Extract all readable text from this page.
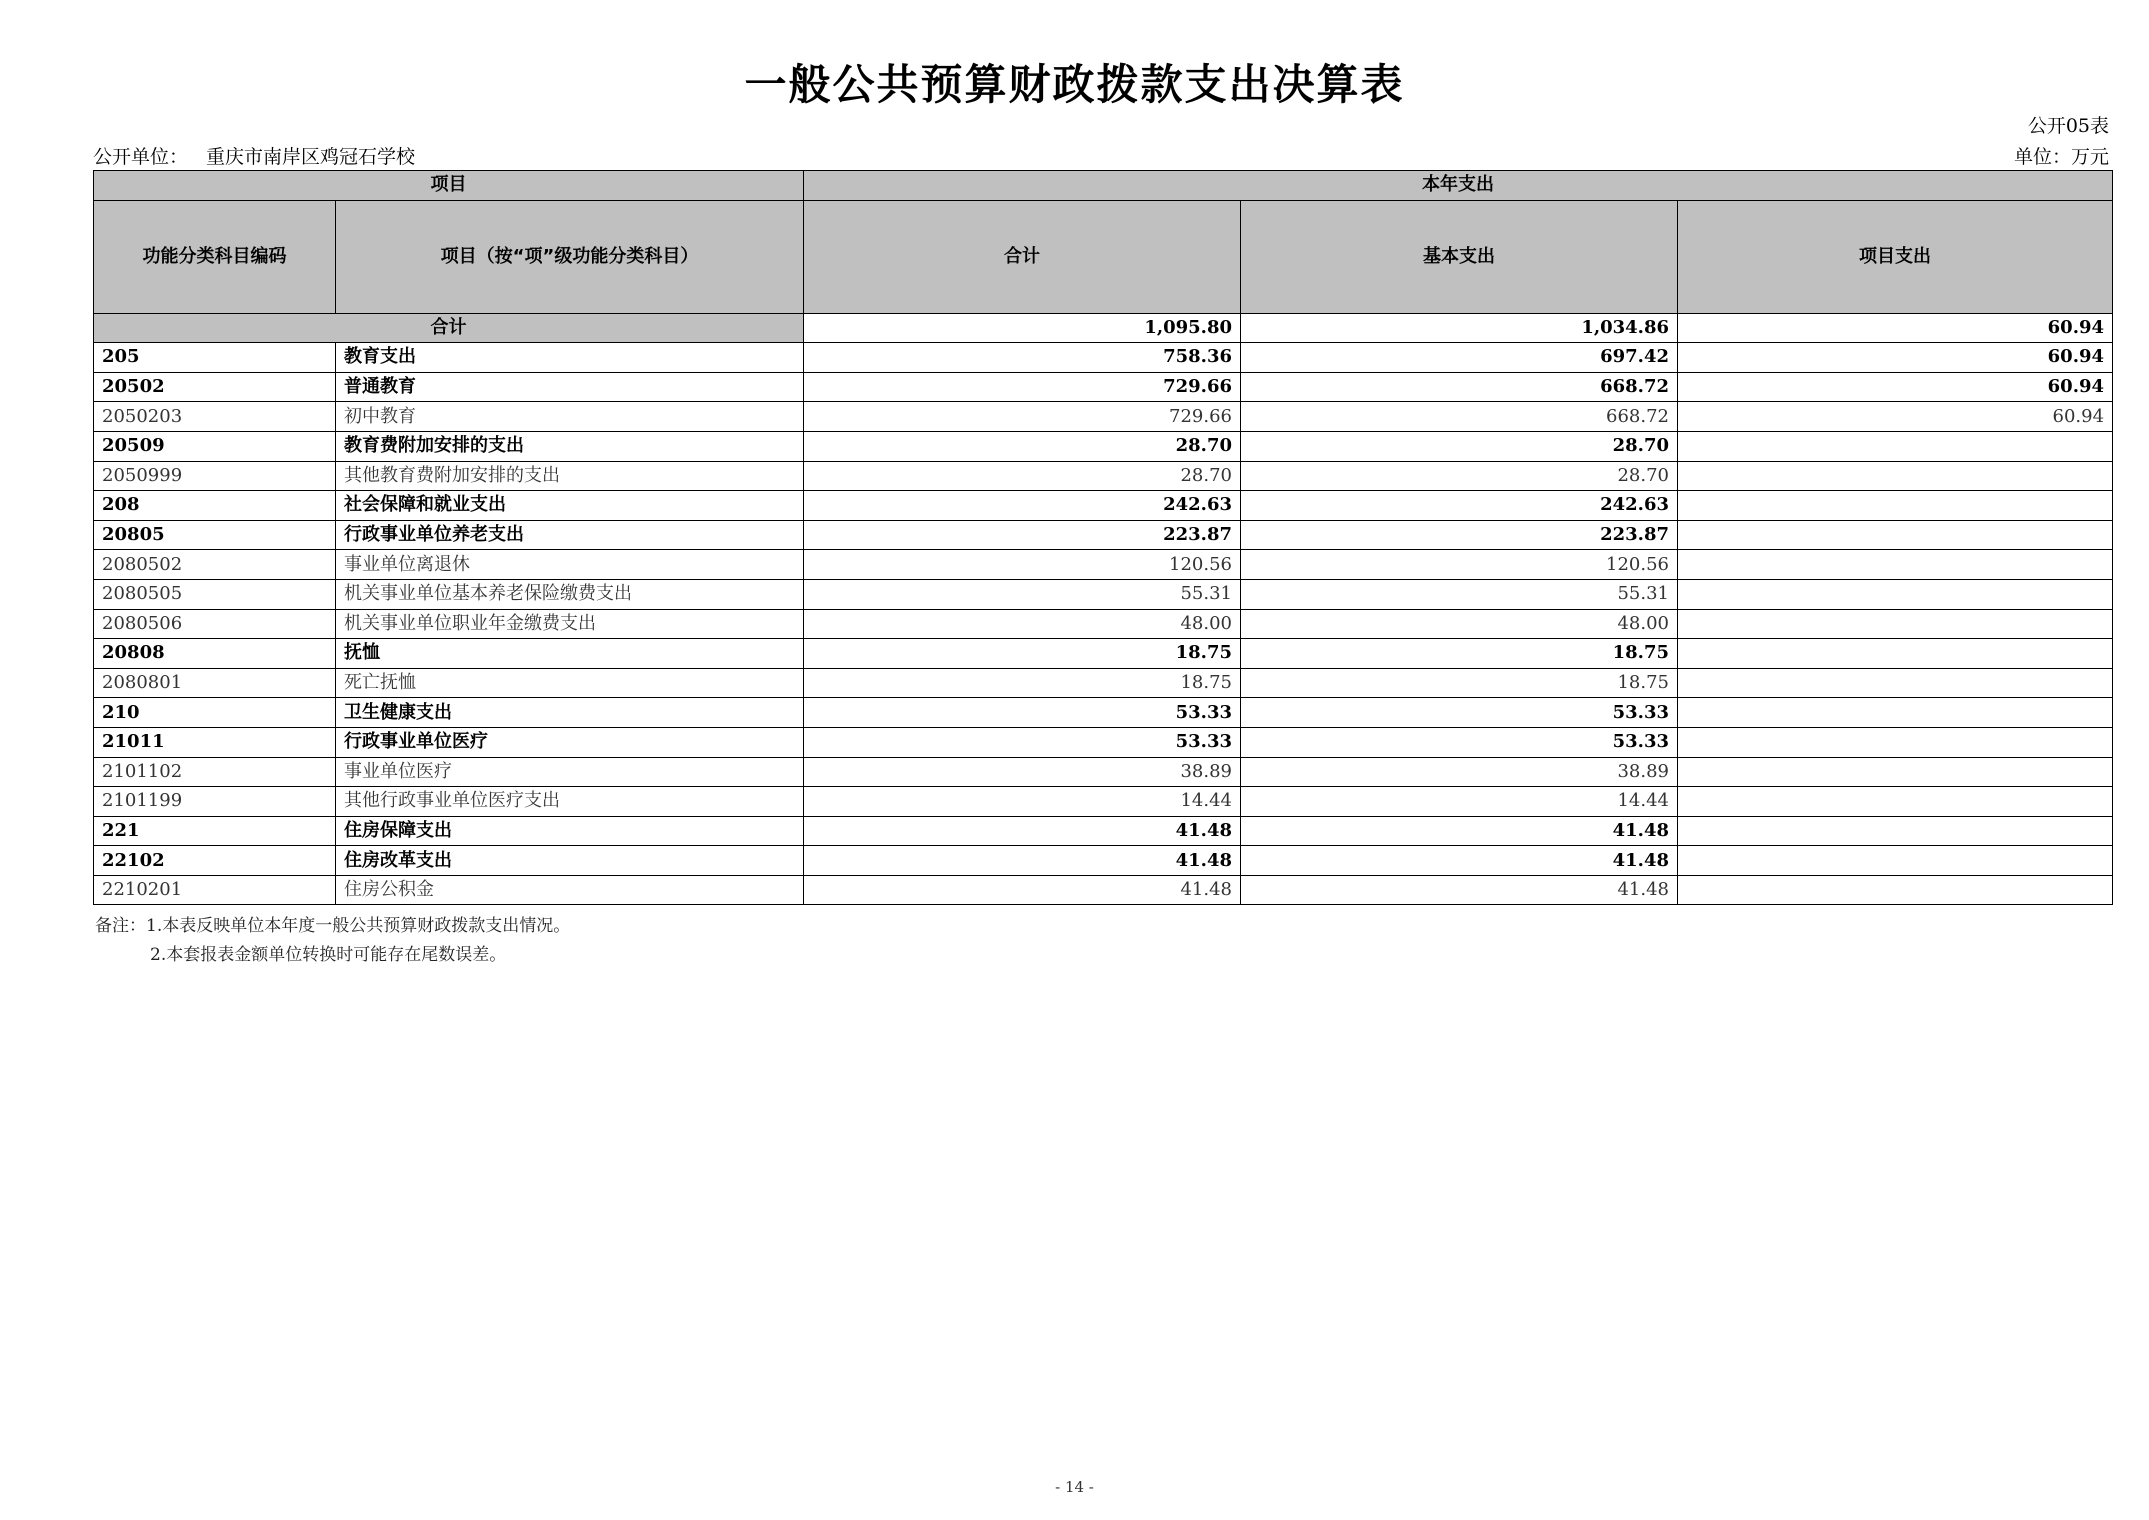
一般公共预算财政拨款支出决算表
公开05表
公开单位： 重庆市南岸区鸡冠石学校	单位：万元
项目		本年支出		
功能分类科目编码	项目（按“项”级功能分类科目）	合计	基本支出	项目支出
合计		1,095.80	1,034.86	60.94
205	教育支出	758.36	697.42	60.94
20502	普通教育	729.66	668.72	60.94
2050203	初中教育	729.66	668.72	60.94
20509	教育费附加安排的支出	28.70	28.70	
2050999	其他教育费附加安排的支出	28.70	28.70	
208	社会保障和就业支出	242.63	242.63	
20805	行政事业单位养老支出	223.87	223.87	
2080502	事业单位离退休	120.56	120.56	
2080505	机关事业单位基本养老保险缴费支出	55.31	55.31	
2080506	机关事业单位职业年金缴费支出	48.00	48.00	
20808	抚恤	18.75	18.75	
2080801	死亡抚恤	18.75	18.75	
210	卫生健康支出	53.33	53.33	
21011	行政事业单位医疗	53.33	53.33	
2101102	事业单位医疗	38.89	38.89	
2101199	其他行政事业单位医疗支出	14.44	14.44	
221	住房保障支出	41.48	41.48	
22102	住房改革支出	41.48	41.48	
2210201	住房公积金	41.48	41.48	
备注：1.本表反映单位本年度一般公共预算财政拨款支出情况。
2.本套报表金额单位转换时可能存在尾数误差。
- 14 -
